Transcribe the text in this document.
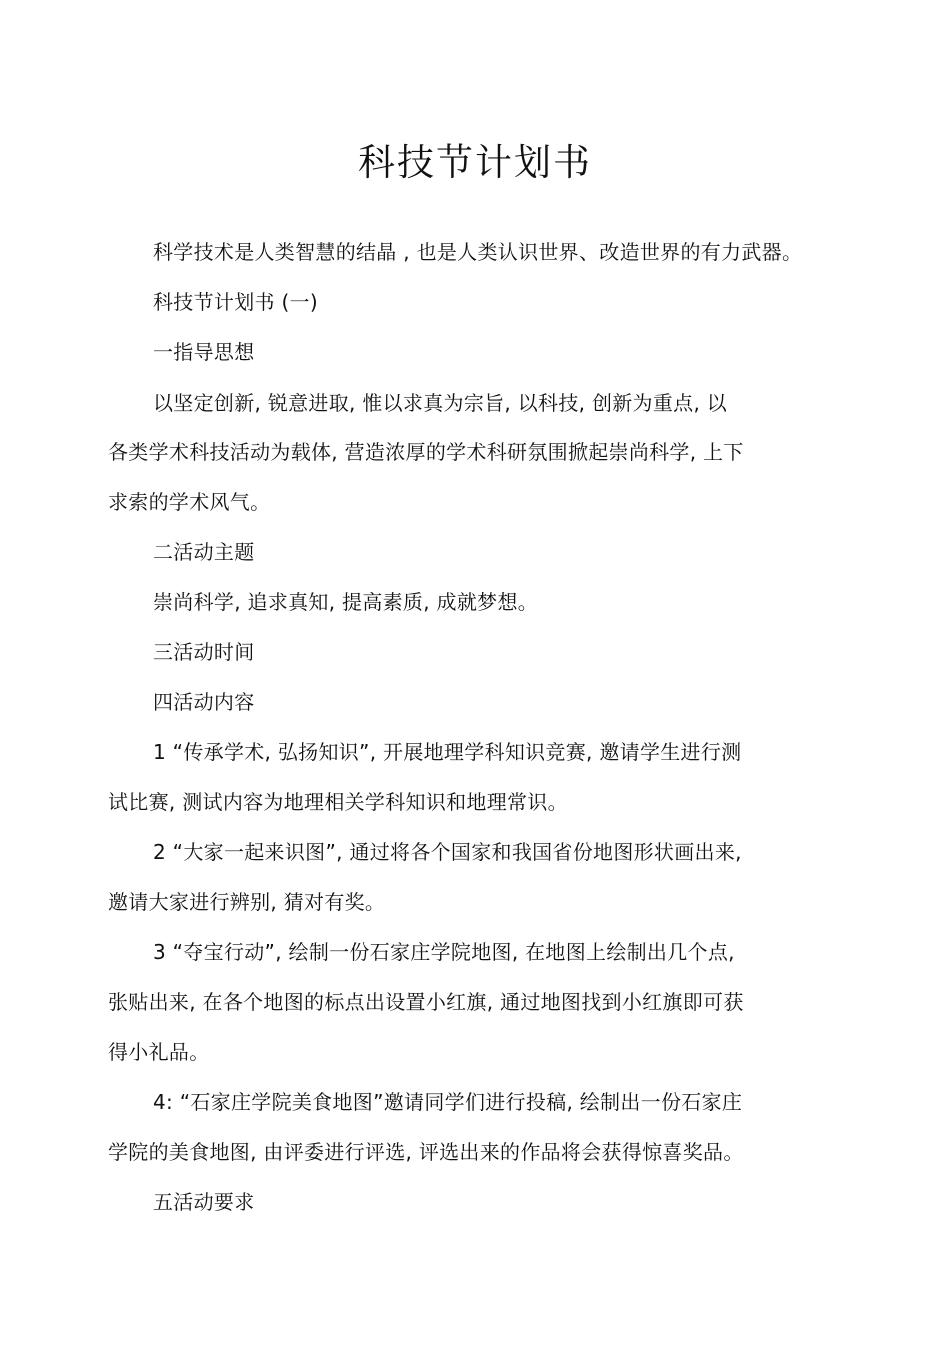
科技节计划书
科学技术是人类智慧的结晶 , 也是人类认识世界、改造世界的有力武器。
科技节计划书 (一)
一指导思想
以坚定创新, 锐意进取, 惟以求真为宗旨, 以科技, 创新为重点, 以
各类学术科技活动为载体, 营造浓厚的学术科研氛围掀起崇尚科学, 上下
求索的学术风气。
二活动主题
崇尚科学, 追求真知, 提高素质, 成就梦想。
三活动时间
四活动内容
1 “传承学术, 弘扬知识”, 开展地理学科知识竞赛, 邀请学生进行测
试比赛, 测试内容为地理相关学科知识和地理常识。
2 “大家一起来识图”, 通过将各个国家和我国省份地图形状画出来,
邀请大家进行辨别, 猜对有奖。
3 “夺宝行动”, 绘制一份石家庄学院地图, 在地图上绘制出几个点,
张贴出来, 在各个地图的标点出设置小红旗, 通过地图找到小红旗即可获
得小礼品。
4: “石家庄学院美食地图”邀请同学们进行投稿, 绘制出一份石家庄
学院的美食地图, 由评委进行评选, 评选出来的作品将会获得惊喜奖品。
五活动要求
